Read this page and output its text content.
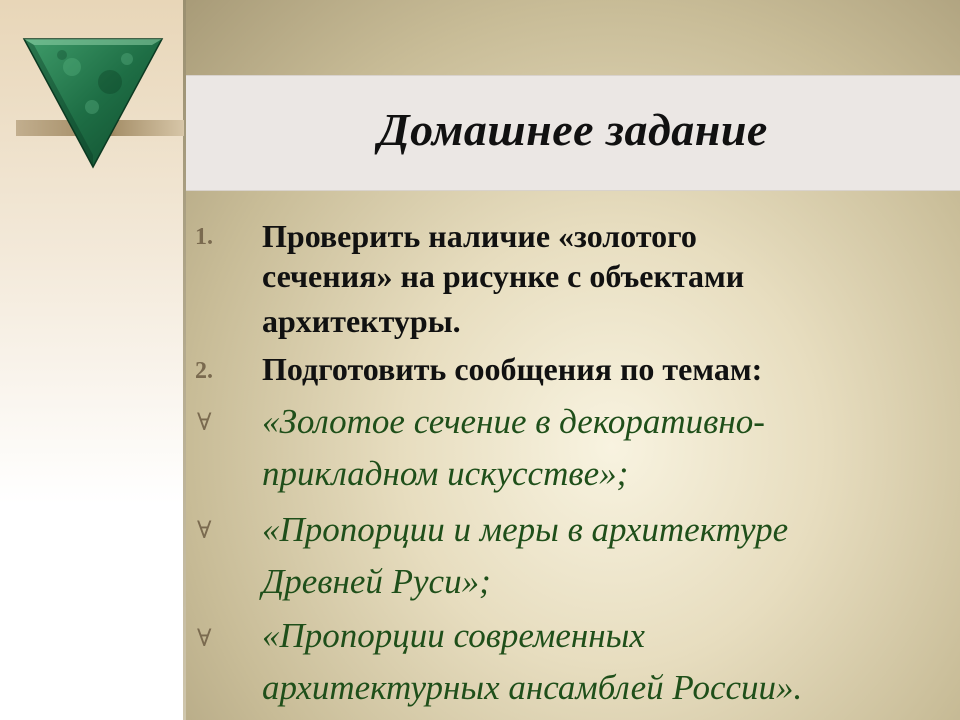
Домашнее задание
1. Проверить наличие «золотого

сечения» на рисунке с объектами

архитектуры.

2. Подготовить сообщения по темам:

∀ «Золотое сечение в декоративно-

прикладном искусстве»;

∀ «Пропорции и меры в архитектуре

Древней Руси»;

∀ «Пропорции современных

архитектурных ансамблей России».
